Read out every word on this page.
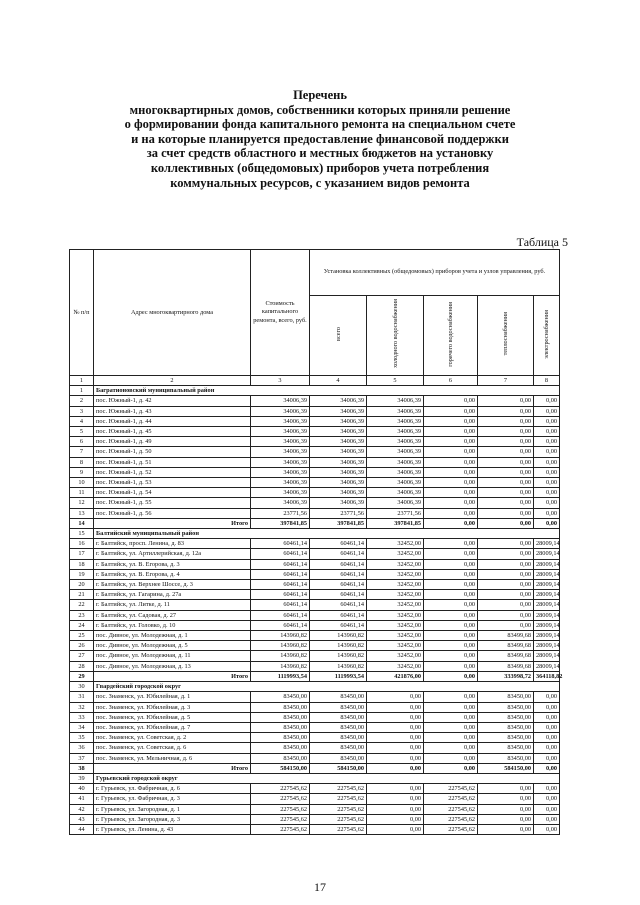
Перечень
многоквартирных домов, собственники которых приняли решение
о формировании фонда капитального ремонта на специальном счете
и на которые планируется предоставление финансовой поддержки
за счет средств областного и местных бюджетов на установку
коллективных (общедомовых) приборов учета потребления
коммунальных ресурсов, с указанием видов ремонта
Таблица 5
№ п/п	Адрес многоквартирного дома	Стоимость капитального ремонта, всего, руб.	Установка коллективных (общедомовых) приборов учета и узлов управления, руб.				
			всего	холодного водоснабжения	горячего водоснабжения	теплоснабжения	электроснабжения
1	2	3	4	5	6	7	8
1	Багратионовский муниципальный район						
2	пос. Южный-1, д. 42	34006,39	34006,39	34006,39	0,00	0,00	0,00
3	пос. Южный-1, д. 43	34006,39	34006,39	34006,39	0,00	0,00	0,00
4	пос. Южный-1, д. 44	34006,39	34006,39	34006,39	0,00	0,00	0,00
5	пос. Южный-1, д. 45	34006,39	34006,39	34006,39	0,00	0,00	0,00
6	пос. Южный-1, д. 49	34006,39	34006,39	34006,39	0,00	0,00	0,00
7	пос. Южный-1, д. 50	34006,39	34006,39	34006,39	0,00	0,00	0,00
8	пос. Южный-1, д. 51	34006,39	34006,39	34006,39	0,00	0,00	0,00
9	пос. Южный-1, д. 52	34006,39	34006,39	34006,39	0,00	0,00	0,00
10	пос. Южный-1, д. 53	34006,39	34006,39	34006,39	0,00	0,00	0,00
11	пос. Южный-1, д. 54	34006,39	34006,39	34006,39	0,00	0,00	0,00
12	пос. Южный-1, д. 55	34006,39	34006,39	34006,39	0,00	0,00	0,00
13	пос. Южный-1, д. 56	23771,56	23771,56	23771,56	0,00	0,00	0,00
14	Итого	397841,85	397841,85	397841,85	0,00	0,00	0,00
15	Балтийский муниципальный район						
16	г. Балтийск, просп. Ленина, д. 83	60461,14	60461,14	32452,00	0,00	0,00	28009,14
17	г. Балтийск, ул. Артиллерийская, д. 12а	60461,14	60461,14	32452,00	0,00	0,00	28009,14
18	г. Балтийск, ул. В. Егорова, д. 3	60461,14	60461,14	32452,00	0,00	0,00	28009,14
19	г. Балтийск, ул. В. Егорова, д. 4	60461,14	60461,14	32452,00	0,00	0,00	28009,14
20	г. Балтийск, ул. Верхнее Шоссе, д. 3	60461,14	60461,14	32452,00	0,00	0,00	28009,14
21	г. Балтийск, ул. Гагарина, д. 27а	60461,14	60461,14	32452,00	0,00	0,00	28009,14
22	г. Балтийск, ул. Литке, д. 11	60461,14	60461,14	32452,00	0,00	0,00	28009,14
23	г. Балтийск, ул. Садовая, д. 27	60461,14	60461,14	32452,00	0,00	0,00	28009,14
24	г. Балтийск, ул. Головко, д. 10	60461,14	60461,14	32452,00	0,00	0,00	28009,14
25	пос. Дивное, ул. Молодежная, д. 1	143960,82	143960,82	32452,00	0,00	83499,68	28009,14
26	пос. Дивное, ул. Молодежная, д. 5	143960,82	143960,82	32452,00	0,00	83499,68	28009,14
27	пос. Дивное, ул. Молодежная, д. 11	143960,82	143960,82	32452,00	0,00	83499,68	28009,14
28	пос. Дивное, ул. Молодежная, д. 13	143960,82	143960,82	32452,00	0,00	83499,68	28009,14
29	Итого	1119993,54	1119993,54	421876,00	0,00	333998,72	364118,82
30	Гвардейский городской округ						
31	пос. Знаменск, ул. Юбилейная, д. 1	83450,00	83450,00	0,00	0,00	83450,00	0,00
32	пос. Знаменск, ул. Юбилейная, д. 3	83450,00	83450,00	0,00	0,00	83450,00	0,00
33	пос. Знаменск, ул. Юбилейная, д. 5	83450,00	83450,00	0,00	0,00	83450,00	0,00
34	пос. Знаменск, ул. Юбилейная, д. 7	83450,00	83450,00	0,00	0,00	83450,00	0,00
35	пос. Знаменск, ул. Советская, д. 2	83450,00	83450,00	0,00	0,00	83450,00	0,00
36	пос. Знаменск, ул. Советская, д. 6	83450,00	83450,00	0,00	0,00	83450,00	0,00
37	пос. Знаменск, ул. Мельничная, д. 6	83450,00	83450,00	0,00	0,00	83450,00	0,00
38	Итого	584150,00	584150,00	0,00	0,00	584150,00	0,00
39	Гурьевский городской округ						
40	г. Гурьевск, ул. Фабричная, д. 6	227545,62	227545,62	0,00	227545,62	0,00	0,00
41	г. Гурьевск, ул. Фабричная, д. 3	227545,62	227545,62	0,00	227545,62	0,00	0,00
42	г. Гурьевск, ул. Загородная, д. 1	227545,62	227545,62	0,00	227545,62	0,00	0,00
43	г. Гурьевск, ул. Загородная, д. 3	227545,62	227545,62	0,00	227545,62	0,00	0,00
44	г. Гурьевск, ул. Ленина, д. 43	227545,62	227545,62	0,00	227545,62	0,00	0,00
17
